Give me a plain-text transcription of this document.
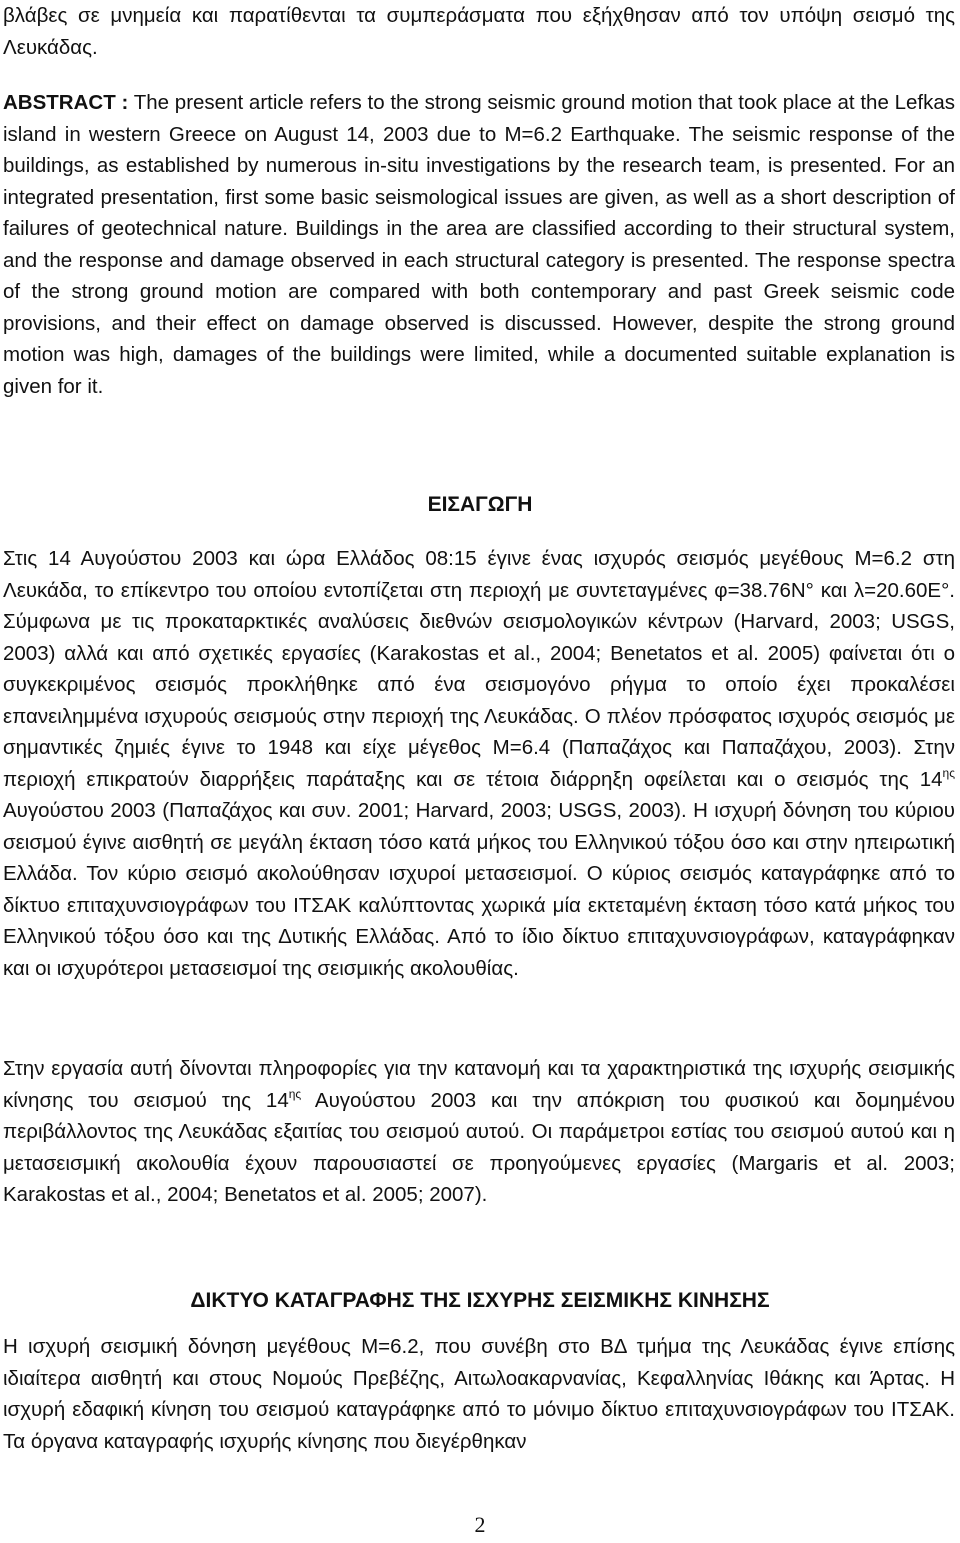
βλάβες σε μνημεία και παρατίθενται τα συμπεράσματα που εξήχθησαν από τον υπόψη σεισμό της Λευκάδας.

ABSTRACT : The present article refers to the strong seismic ground motion that took place at the Lefkas island in western Greece on August 14, 2003 due to M=6.2 Earthquake. The seismic response of the buildings, as established by numerous in-situ investigations by the research team, is presented. For an integrated presentation, first some basic seismological issues are given, as well as a short description of failures of geotechnical nature. Buildings in the area are classified according to their structural system, and the response and damage observed in each structural category is presented. The response spectra of the strong ground motion are compared with both contemporary and past Greek seismic code provisions, and their effect on damage observed is discussed. However, despite the strong ground motion was high, damages of the buildings were limited, while a documented suitable explanation is given for it.

ΕΙΣΑΓΩΓΗ

Στις 14 Αυγούστου 2003 και ώρα Ελλάδος 08:15 έγινε ένας ισχυρός σεισμός μεγέθους Μ=6.2 στη Λευκάδα, το επίκεντρο του οποίου εντοπίζεται στη περιοχή με συντεταγμένες φ=38.76Ν° και λ=20.60Ε°. Σύμφωνα με τις προκαταρκτικές αναλύσεις διεθνών σεισμολογικών κέντρων (Harvard, 2003; USGS, 2003) αλλά και από σχετικές εργασίες (Karakostas et al., 2004; Benetatos et al. 2005) φαίνεται ότι ο συγκεκριμένος σεισμός προκλήθηκε από ένα σεισμογόνο ρήγμα το οποίο έχει προκαλέσει επανειλημμένα ισχυρούς σεισμούς στην περιοχή της Λευκάδας. Ο πλέον πρόσφατος ισχυρός σεισμός με σημαντικές ζημιές έγινε το 1948 και είχε μέγεθος Μ=6.4 (Παπαζάχος και Παπαζάχου, 2003). Στην περιοχή επικρατούν διαρρήξεις παράταξης και σε τέτοια διάρρηξη οφείλεται και ο σεισμός της $14^{\eta\varsigma}$ Αυγούστου 2003 (Παπαζάχος και συν. 2001; Harvard, 2003; USGS, 2003). Η ισχυρή δόνηση του κύριου σεισμού έγινε αισθητή σε μεγάλη έκταση τόσο κατά μήκος του Ελληνικού τόξου όσο και στην ηπειρωτική Ελλάδα. Τον κύριο σεισμό ακολούθησαν ισχυροί μετασεισμοί. Ο κύριος σεισμός καταγράφηκε από το δίκτυο επιταχυνσιογράφων του ΙΤΣΑΚ καλύπτοντας χωρικά μία εκτεταμένη έκταση τόσο κατά μήκος του Ελληνικού τόξου όσο και της Δυτικής Ελλάδας. Από το ίδιο δίκτυο επιταχυνσιογράφων, καταγράφηκαν και οι ισχυρότεροι μετασεισμοί της σεισμικής ακολουθίας.

Στην εργασία αυτή δίνονται πληροφορίες για την κατανομή και τα χαρακτηριστικά της ισχυρής σεισμικής κίνησης του σεισμού της $14^{\eta\varsigma}$ Αυγούστου 2003 και την απόκριση του φυσικού και δομημένου περιβάλλοντος της Λευκάδας εξαιτίας του σεισμού αυτού. Οι παράμετροι εστίας του σεισμού αυτού και η μετασεισμική ακολουθία έχουν παρουσιαστεί σε προηγούμενες εργασίες (Margaris et al. 2003; Karakostas et al., 2004; Benetatos et al. 2005; 2007).

ΔΙΚΤΥΟ ΚΑΤΑΓΡΑΦΗΣ ΤΗΣ ΙΣΧΥΡΗΣ ΣΕΙΣΜΙΚΗΣ ΚΙΝΗΣΗΣ

Η ισχυρή σεισμική δόνηση μεγέθους Μ=6.2, που συνέβη στο ΒΔ τμήμα της Λευκάδας έγινε επίσης ιδιαίτερα αισθητή και στους Νομούς Πρεβέζης, Αιτωλοακαρνανίας, Κεφαλληνίας Ιθάκης και Άρτας. Η ισχυρή εδαφική κίνηση του σεισμού καταγράφηκε από το μόνιμο δίκτυο επιταχυνσιογράφων του ΙΤΣΑΚ. Τα όργανα καταγραφής ισχυρής κίνησης που διεγέρθηκαν

2
